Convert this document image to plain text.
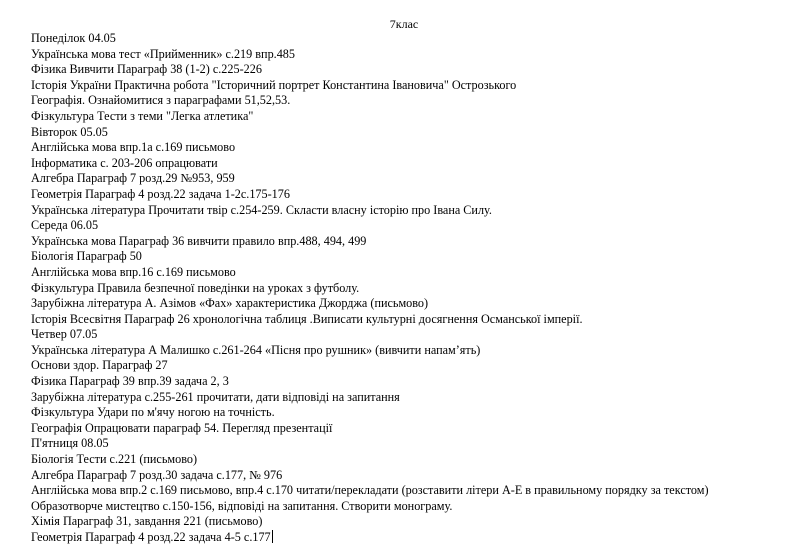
7клас
Понеділок 04.05
Українська мова тест «Прийменник» с.219 впр.485
Фізика Вивчити Параграф 38 (1-2) с.225-226
Історія України Практична робота "Історичний портрет Константина Івановича" Острозького
Географія. Ознайомитися з параграфами 51,52,53.
Фізкультура Тести з теми "Легка атлетика"
Вівторок 05.05
Англійська мова впр.1а с.169 письмово
Інформатика с. 203-206 опрацювати
Алгебра Параграф 7 розд.29 №953, 959
Геометрія Параграф 4 розд.22 задача 1-2с.175-176
Українська література Прочитати твір с.254-259. Скласти власну історію про Івана Силу.
Середа 06.05
Українська мова Параграф 36 вивчити правило впр.488, 494, 499
Біологія Параграф 50
Англійська мова впр.16 с.169 письмово
Фізкультура Правила безпечної поведінки на уроках з футболу.
Зарубіжна література А. Азімов «Фах» характеристика Джорджа (письмово)
Історія Всесвітня Параграф 26 хронологічна таблиця .Виписати культурні досягнення Османської імперії.
Четвер 07.05
Українська література А Малишко с.261-264 «Пісня про рушник» (вивчити напам’ять)
Основи здор. Параграф 27
Фізика Параграф 39 впр.39 задача 2, 3
Зарубіжна література с.255-261 прочитати, дати відповіді на запитання
Фізкультура Удари по м'ячу ногою на точність.
Географія Опрацювати параграф 54. Перегляд презентації
П'ятниця 08.05
Біологія Тести с.221 (письмово)
Алгебра Параграф 7 розд.30 задача с.177, № 976
Англійська мова впр.2 с.169 письмово, впр.4 с.170 читати/перекладати (розставити літери А-Е в правильному порядку за текстом)
Образотворче мистецтво с.150-156, відповіді на запитання. Створити монограму.
Хімія Параграф 31, завдання 221 (письмово)
Геометрія Параграф 4 розд.22 задача 4-5 с.177
